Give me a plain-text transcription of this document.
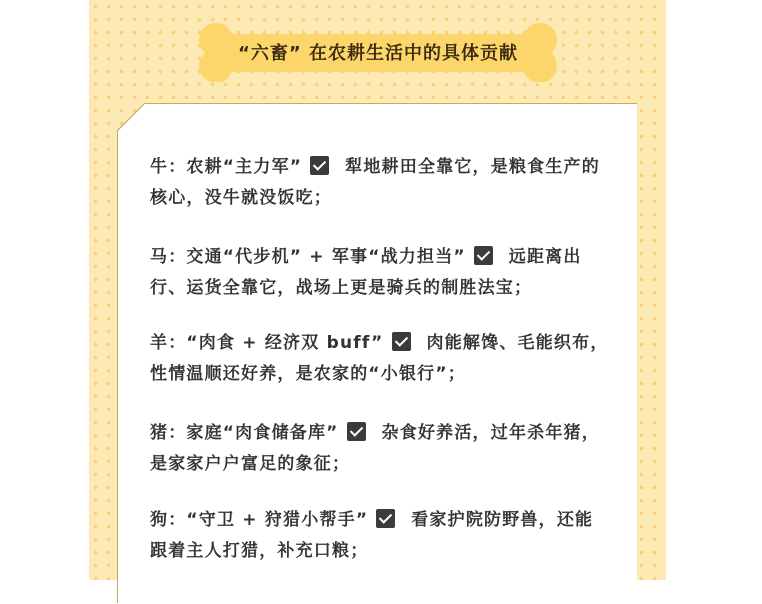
“六畜” 在农耕生活中的具体贡献
牛：农耕“主力军”	犁地耕田全靠它，是粮食生产的核心，没牛就没饭吃；
马：交通“代步机” + 军事“战力担当”	远距离出行、运货全靠它，战场上更是骑兵的制胜法宝；
羊：“肉食 + 经济双 buff”	肉能解馋、毛能织布，性情温顺还好养，是农家的“小银行”；
猪：家庭“肉食储备库”	杂食好养活，过年杀年猪，是家家户户富足的象征；
狗：“守卫 + 狩猎小帮手”	看家护院防野兽，还能跟着主人打猎，补充口粮；
